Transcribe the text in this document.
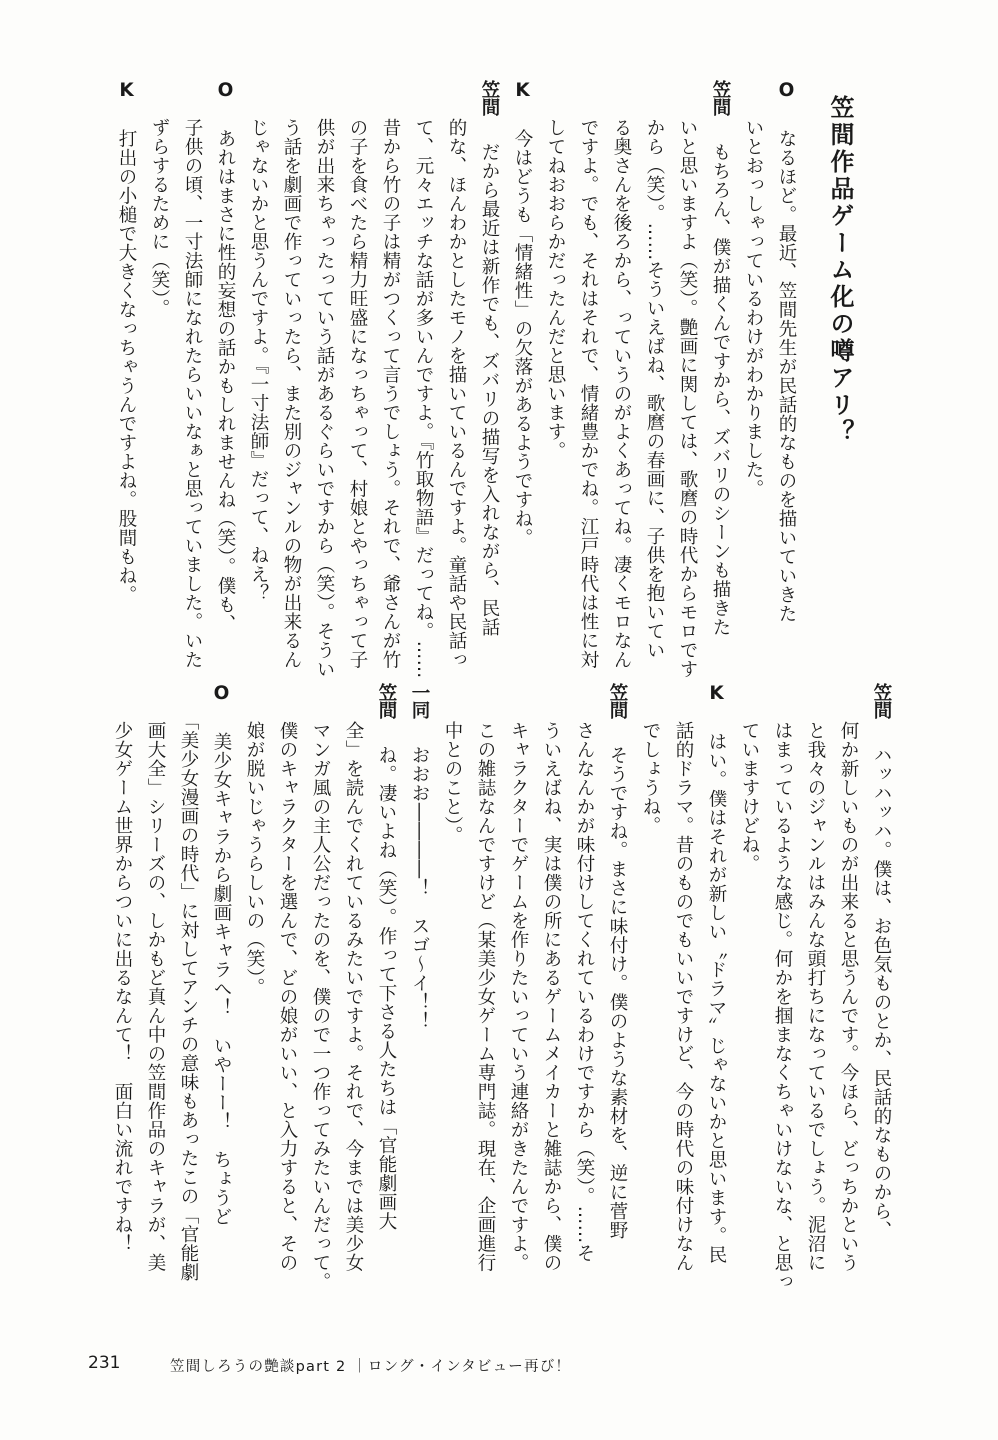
笠間作品ゲーム化の噂アリ？
Oなるほど。最近、笠間先生が民話的なものを描いていきた
いとおっしゃっているわけがわかりました。
笠間もちろん、僕が描くんですから、ズバリのシーンも描きた
いと思いますよ（笑）。艶画に関しては、歌麿の時代からモロです
から（笑）。……そういえばね、歌麿の春画に、子供を抱いてい
る奥さんを後ろから、っていうのがよくあってね。凄くモロなん
ですよ。でも、それはそれで、情緒豊かでね。江戸時代は性に対
してねおおらかだったんだと思います。
K今はどうも「情緒性」の欠落があるようですね。
笠間だから最近は新作でも、ズバリの描写を入れながら、民話
的な、ほんわかとしたモノを描いているんですよ。童話や民話っ
て、元々エッチな話が多いんですよ。『竹取物語』だってね。……
昔から竹の子は精がつくって言うでしょう。それで、爺さんが竹
の子を食べたら精力旺盛になっちゃって、村娘とやっちゃって子
供が出来ちゃったっていう話があるぐらいですから（笑）。そうい
う話を劇画で作っていったら、また別のジャンルの物が出来るん
じゃないかと思うんですよ。『一寸法師』だって、ねえ？
Oあれはまさに性的妄想の話かもしれませんね（笑）。僕も、
子供の頃、一寸法師になれたらいいなぁと思っていました。いた
ずらするために（笑）。
K打出の小槌で大きくなっちゃうんですよね。股間もね。
笠間ハッハッハ。僕は、お色気ものとか、民話的なものから、
何か新しいものが出来ると思うんです。今ほら、どっちかという
と我々のジャンルはみんな頭打ちになっているでしょう。泥沼に
はまっているような感じ。何かを掴まなくちゃいけないな、と思っ
ていますけどね。
Kはい。僕はそれが新しい〝ドラマ〟じゃないかと思います。民
話的ドラマ。昔のものでもいいですけど、今の時代の味付けなん
でしょうね。
笠間そうですね。まさに味付け。僕のような素材を、逆に菅野
さんなんかが味付けしてくれているわけですから（笑）。……そ
ういえばね、実は僕の所にあるゲームメイカーと雑誌から、僕の
キャラクターでゲームを作りたいっていう連絡がきたんですよ。
この雑誌なんですけど（某美少女ゲーム専門誌。現在、企画進行
中とのこと）。
一同おおお――――！　スゴ～イ！！
笠間ね。凄いよね（笑）。作って下さる人たちは「官能劇画大
全」を読んでくれているみたいですよ。それで、今までは美少女
マンガ風の主人公だったのを、僕ので一つ作ってみたいんだって。
僕のキャラクターを選んで、どの娘がいい、と入力すると、その
娘が脱いじゃうらしいの（笑）。
O美少女キャラから劇画キャラへ！　いやーー！　ちょうど
「美少女漫画の時代」に対してアンチの意味もあったこの「官能劇
画大全」シリーズの、しかもど真ん中の笠間作品のキャラが、美
少女ゲーム世界からついに出るなんて！　面白い流れですね！
231	笠間しろうの艶談part 2 ｜ロング・インタビュー再び！
